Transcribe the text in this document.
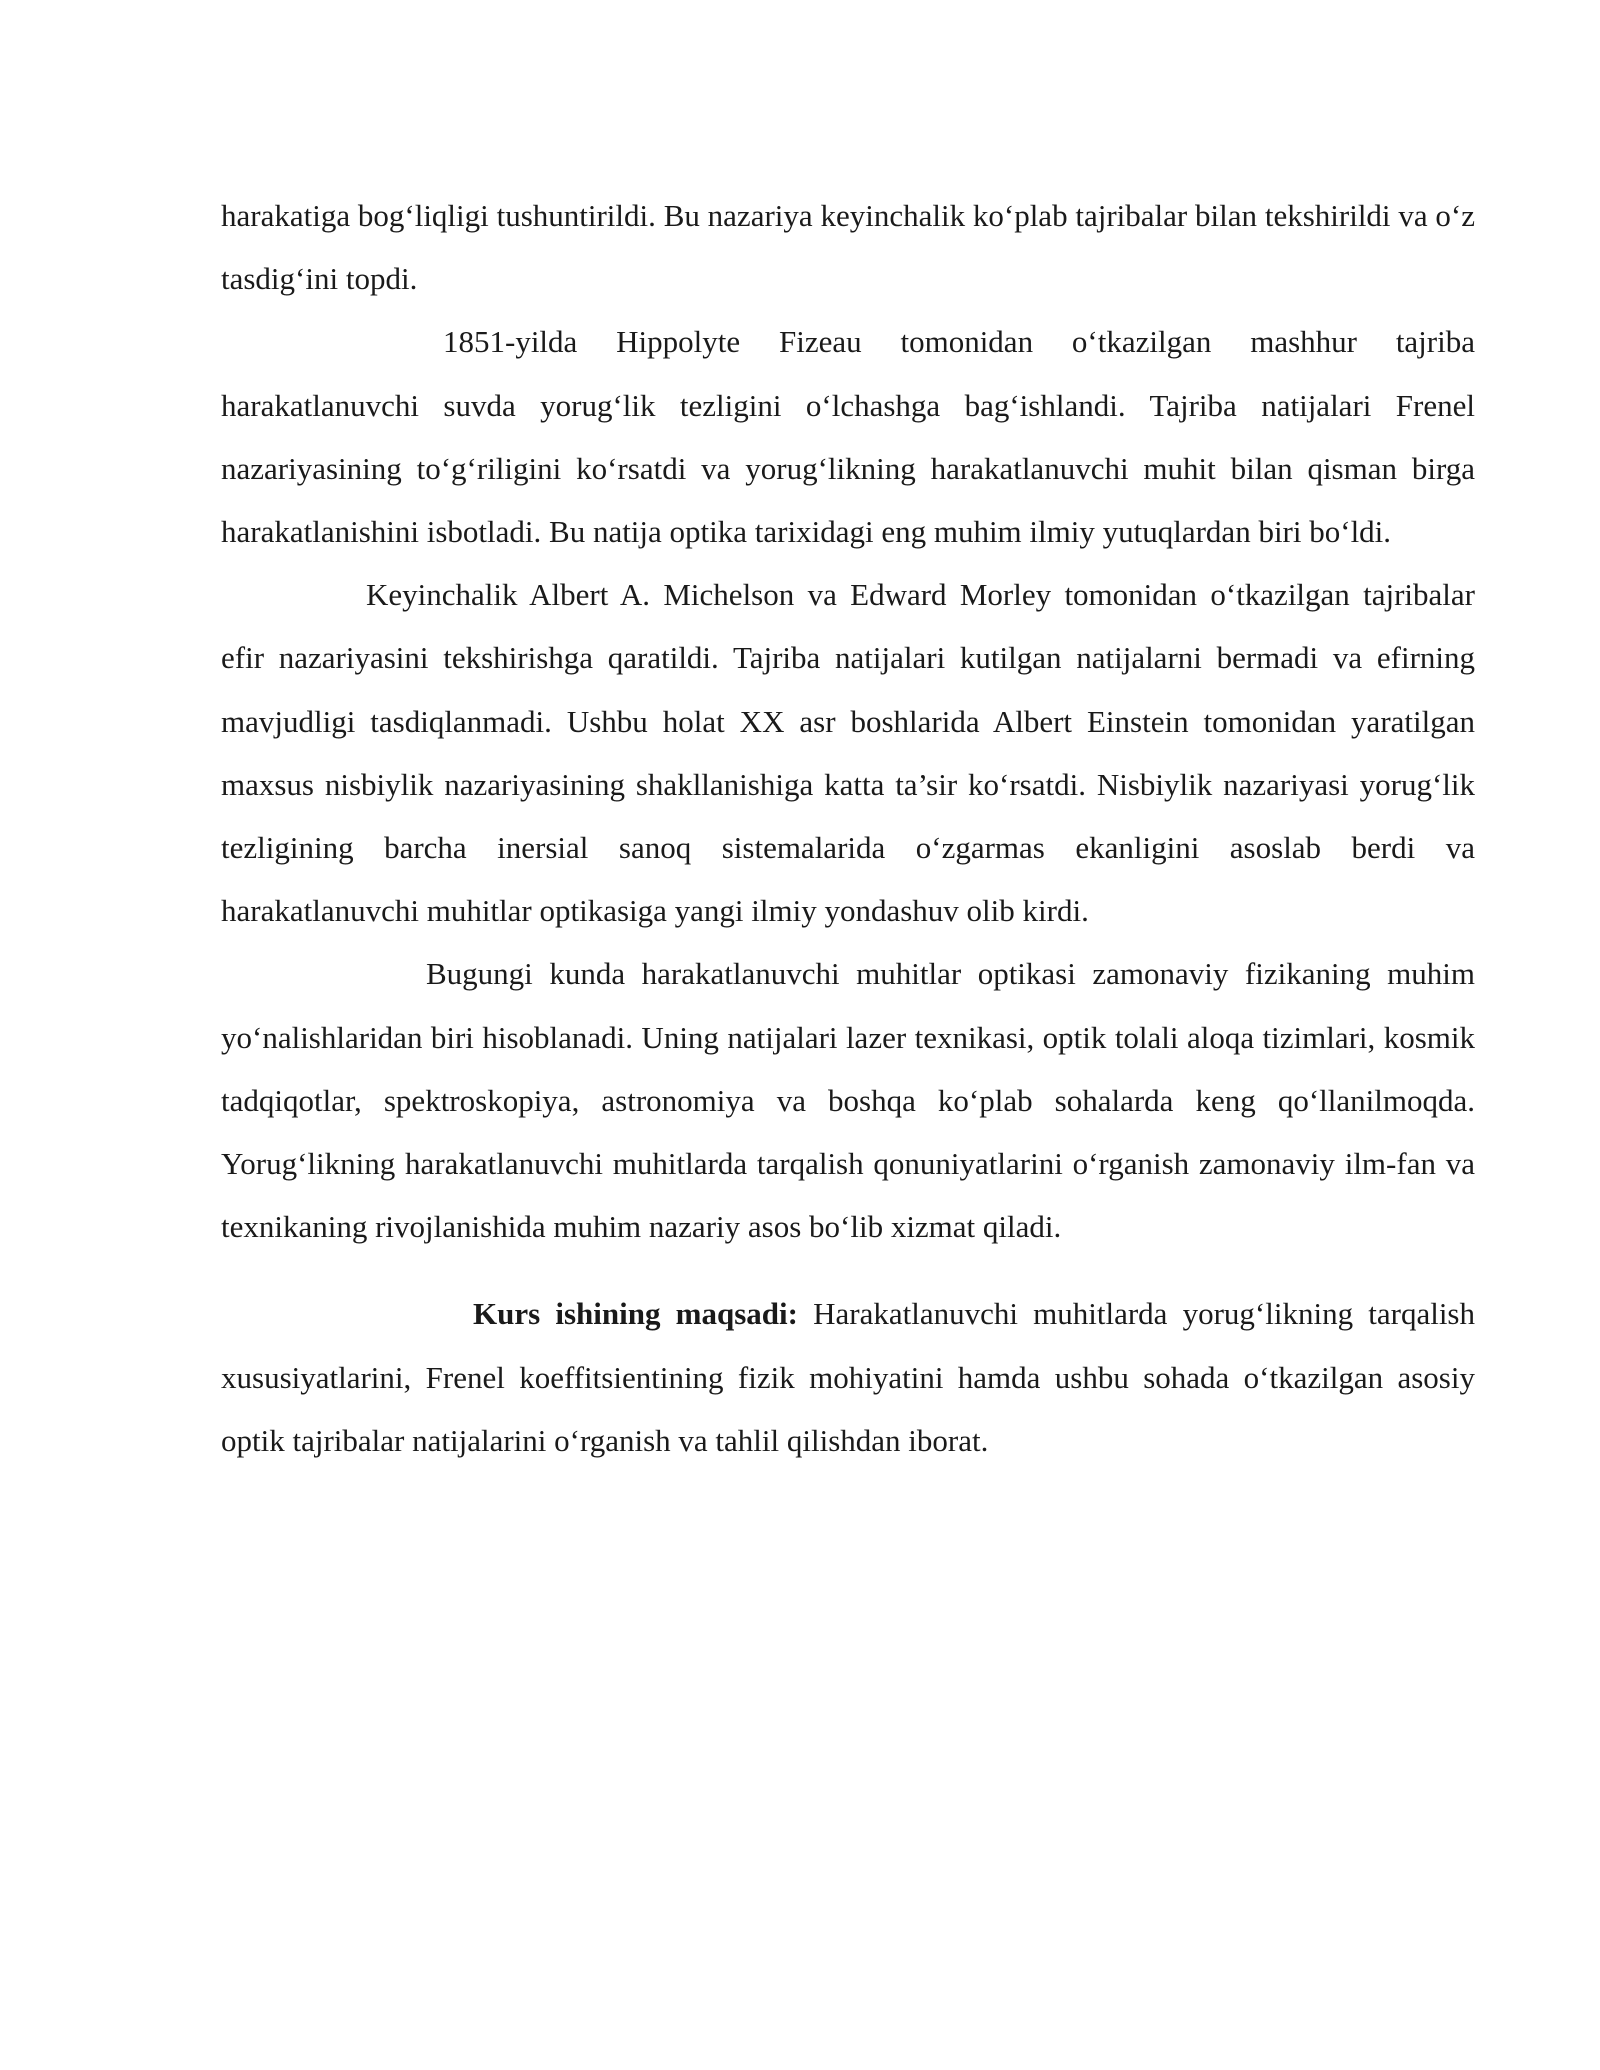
harakatiga bog‘liqligi tushuntirildi. Bu nazariya keyinchalik ko‘plab tajribalar bilan tekshirildi va o‘z tasdig‘ini topdi.

1851-yilda Hippolyte Fizeau tomonidan o‘tkazilgan mashhur tajriba harakatlanuvchi suvda yorug‘lik tezligini o‘lchashga bag‘ishlandi. Tajriba natijalari Frenel nazariyasining to‘g‘riligini ko‘rsatdi va yorug‘likning harakatlanuvchi muhit bilan qisman birga harakatlanishini isbotladi. Bu natija optika tarixidagi eng muhim ilmiy yutuqlardan biri bo‘ldi.

Keyinchalik Albert A. Michelson va Edward Morley tomonidan o‘tkazilgan tajribalar efir nazariyasini tekshirishga qaratildi. Tajriba natijalari kutilgan natijalarni bermadi va efirning mavjudligi tasdiqlanmadi. Ushbu holat XX asr boshlarida Albert Einstein tomonidan yaratilgan maxsus nisbiylik nazariyasining shakllanishiga katta ta’sir ko‘rsatdi. Nisbiylik nazariyasi yorug‘lik tezligining barcha inersial sanoq sistemalarida o‘zgarmas ekanligini asoslab berdi va harakatlanuvchi muhitlar optikasiga yangi ilmiy yondashuv olib kirdi.

Bugungi kunda harakatlanuvchi muhitlar optikasi zamonaviy fizikaning muhim yo‘nalishlaridan biri hisoblanadi. Uning natijalari lazer texnikasi, optik tolali aloqa tizimlari, kosmik tadqiqotlar, spektroskopiya, astronomiya va boshqa ko‘plab sohalarda keng qo‘llanilmoqda. Yorug‘likning harakatlanuvchi muhitlarda tarqalish qonuniyatlarini o‘rganish zamonaviy ilm-fan va texnikaning rivojlanishida muhim nazariy asos bo‘lib xizmat qiladi.

Kurs ishining maqsadi: Harakatlanuvchi muhitlarda yorug‘likning tarqalish xususiyatlarini, Frenel koeffitsientining fizik mohiyatini hamda ushbu sohada o‘tkazilgan asosiy optik tajribalar natijalarini o‘rganish va tahlil qilishdan iborat.
